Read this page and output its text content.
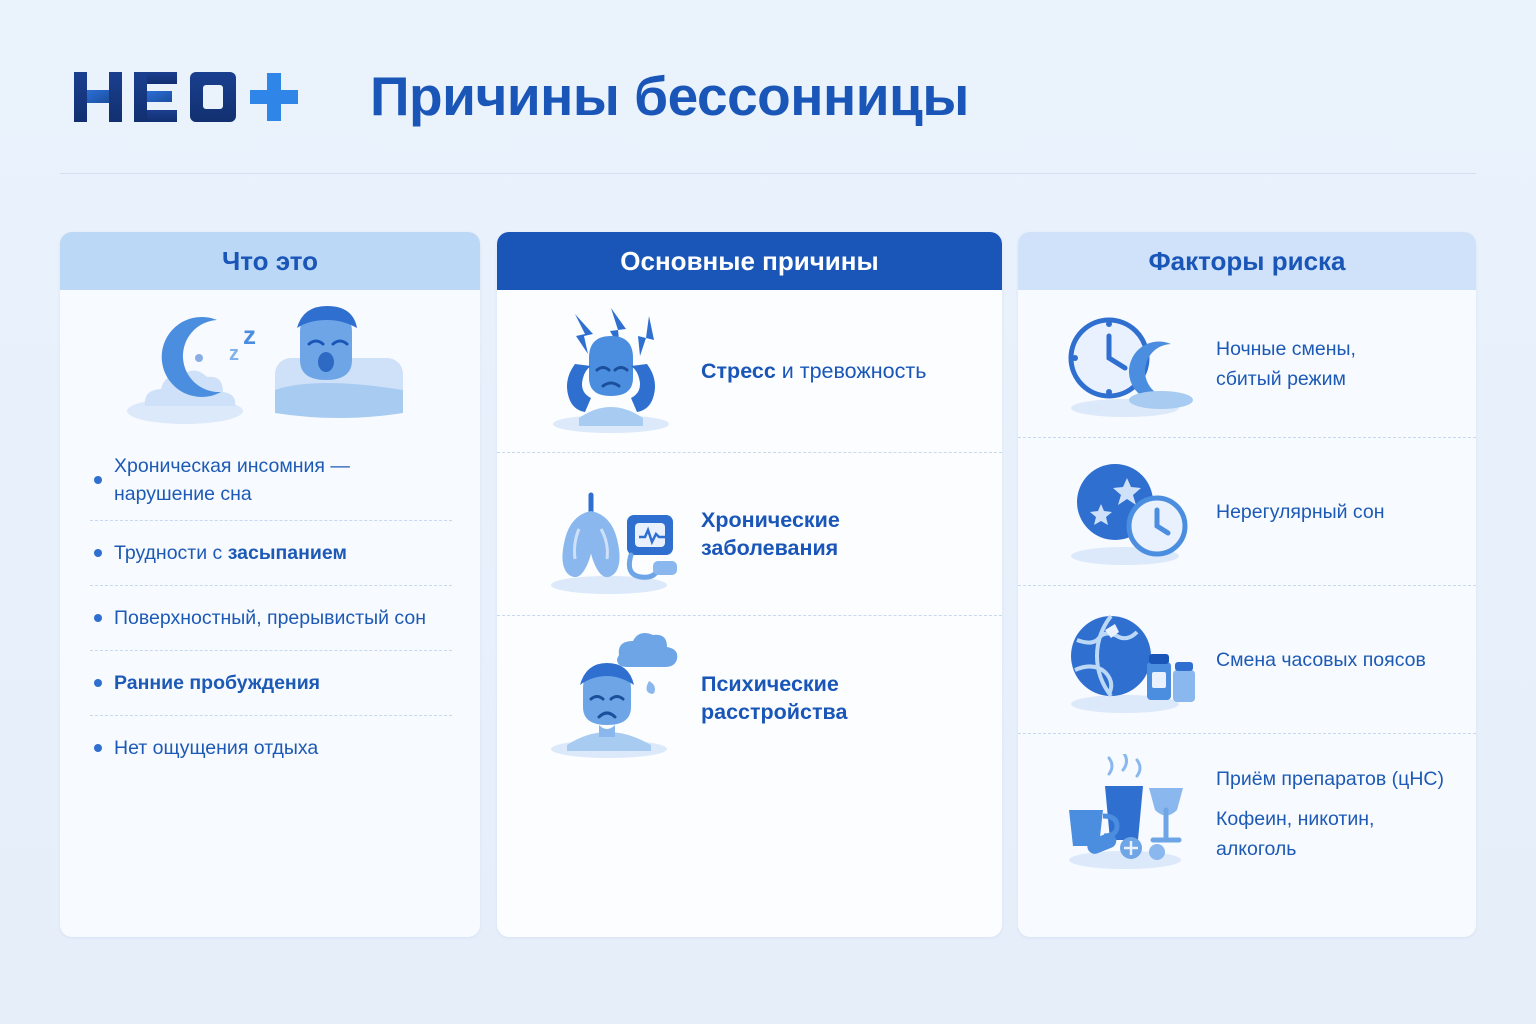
Причины бессонницы
Что это
z
z
Хроническая инсомния —
нарушение сна
Трудности с засыпанием
Поверхностный, прерывистый сон
Ранние пробуждения
Нет ощущения отдыха
Основные причины
Стресс и тревожность
Хронические заболевания
Психические расстройства
Факторы риска
Ночные смены,
сбитый режим
Нерегулярный сон
Смена часовых поясов
Приём препаратов (цНС)
Кофеин, никотин, алкоголь
